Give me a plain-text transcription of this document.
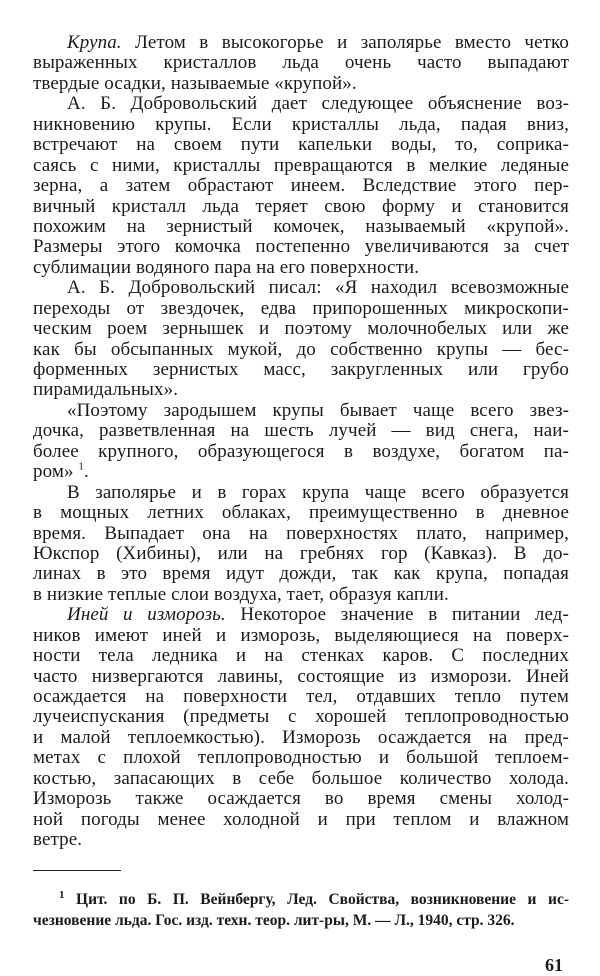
Крупа. Летом в высокогорье и заполярье вместо четко
выраженных кристаллов льда очень часто выпадают
твердые осадки, называемые «крупой».
А. Б. Добровольский дает следующее объяснение воз-
никновению крупы. Если кристаллы льда, падая вниз,
встречают на своем пути капельки воды, то, соприка-
саясь с ними, кристаллы превращаются в мелкие ледяные
зерна, а затем обрастают инеем. Вследствие этого пер-
вичный кристалл льда теряет свою форму и становится
похожим на зернистый комочек, называемый «крупой».
Размеры этого комочка постепенно увеличиваются за счет
сублимации водяного пара на его поверхности.
А. Б. Добровольский писал: «Я находил всевозможные
переходы от звездочек, едва припорошенных микроскопи-
ческим роем зернышек и поэтому молочнобелых или же
как бы обсыпанных мукой, до собственно крупы — бес-
форменных зернистых масс, закругленных или грубо
пирамидальных».
«Поэтому зародышем крупы бывает чаще всего звез-
дочка, разветвленная на шесть лучей — вид снега, наи-
более крупного, образующегося в воздухе, богатом па-
ром» $^1$.
В заполярье и в горах крупа чаще всего образуется
в мощных летних облаках, преимущественно в дневное
время. Выпадает она на поверхностях плато, например,
Юкспор (Хибины), или на гребнях гор (Кавказ). В до-
линах в это время идут дожди, так как крупа, попадая
в низкие теплые слои воздуха, тает, образуя капли.
Иней и изморозь. Некоторое значение в питании лед-
ников имеют иней и изморозь, выделяющиеся на поверх-
ности тела ледника и на стенках каров. С последних
часто низвергаются лавины, состоящие из изморози. Иней
осаждается на поверхности тел, отдавших тепло путем
лучеиспускания (предметы с хорошей теплопроводностью
и малой теплоемкостью). Изморозь осаждается на пред-
метах с плохой теплопроводностью и большой теплоем-
костью, запасающих в себе большое количество холода.
Изморозь также осаждается во время смены холод-
ной погоды менее холодной и при теплом и влажном
ветре.
$^1$ Цит. по Б. П. Вейнбергу, Лед. Свойства, возникновение и ис-
чезновение льда. Гос. изд. техн. теор. лит-ры, М. — Л., 1940, стр. 326.
61
